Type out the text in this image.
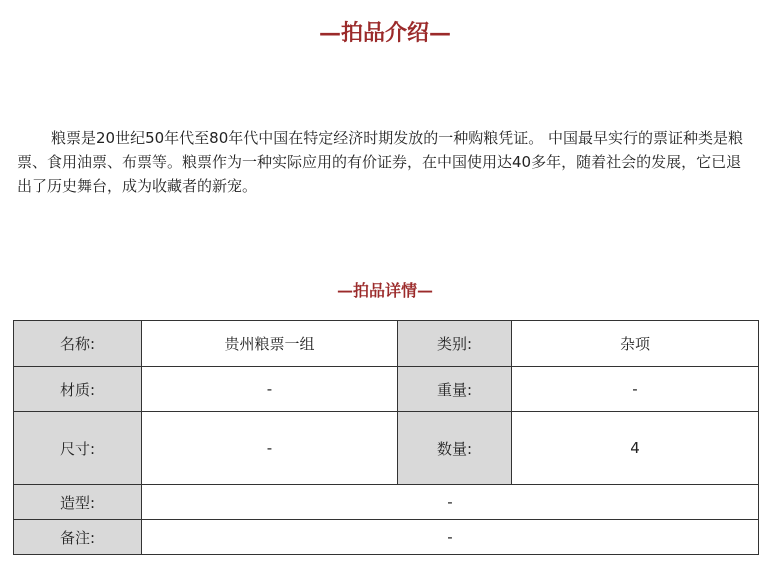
—拍品介绍—

粮票是20世纪50年代至80年代中国在特定经济时期发放的一种购粮凭证。 中国最早实行的票证种类是粮票、食用油票、布票等。粮票作为一种实际应用的有价证券，在中国使用达40多年，随着社会的发展，它已退出了历史舞台，成为收藏者的新宠。

—拍品详情—
名称:	贵州粮票一组	类别:	杂项
材质:	-	重量:	-
尺寸:	-	数量:	4
造型:	-		
备注:	-		
